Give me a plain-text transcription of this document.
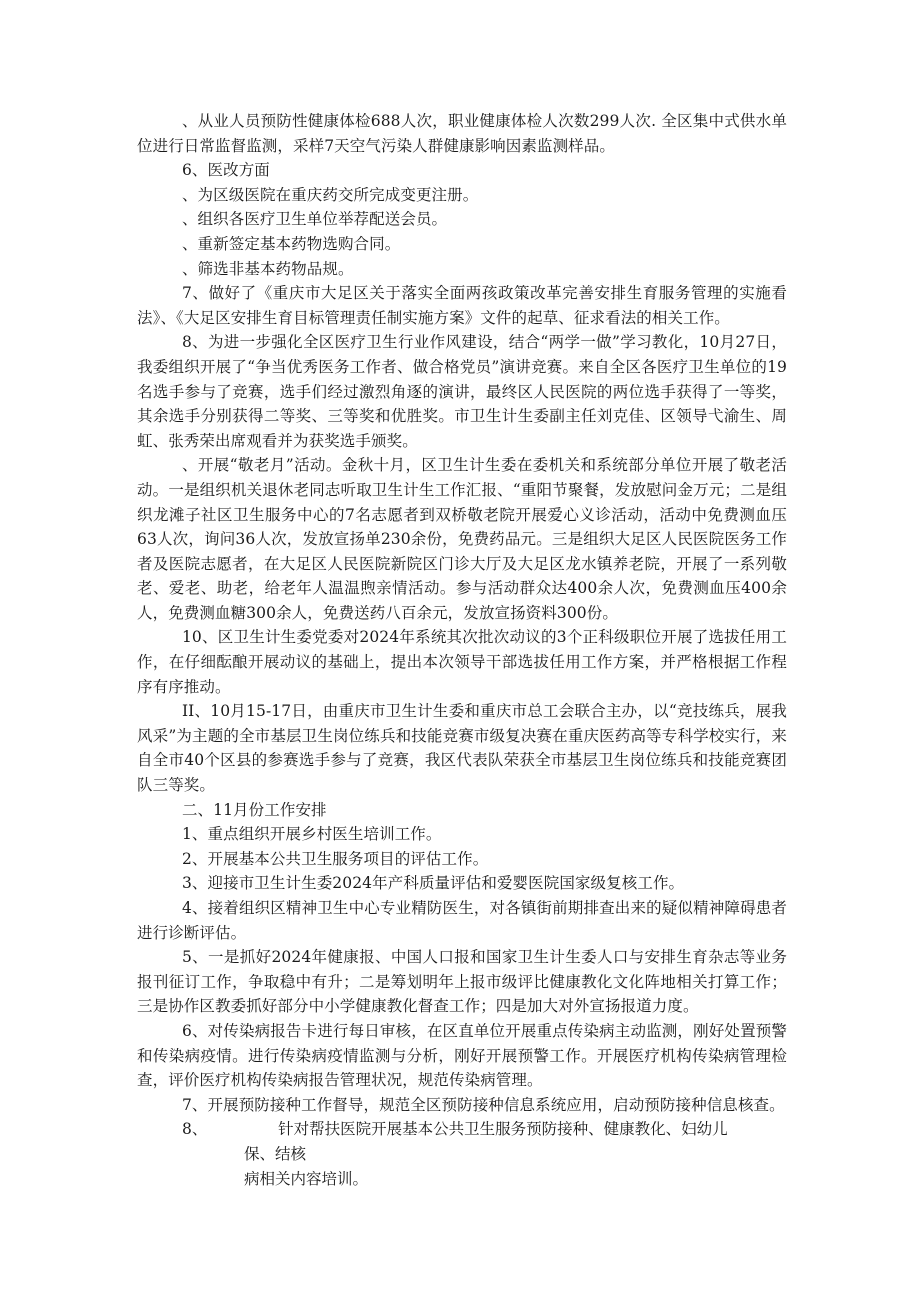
、从业人员预防性健康体检688人次，职业健康体检人次数299人次. 全区集中式供水单位进行日常监督监测，采样7天空气污染人群健康影响因素监测样品。

6、医改方面

、为区级医院在重庆药交所完成变更注册。

、组织各医疗卫生单位举荐配送会员。

、重新签定基本药物选购合同。

、筛选非基本药物品规。

7、做好了《重庆市大足区关于落实全面两孩政策改革完善安排生育服务管理的实施看法》、《大足区安排生育目标管理责任制实施方案》文件的起草、征求看法的相关工作。

8、为进一步强化全区医疗卫生行业作风建设，结合“两学一做”学习教化，10月27日，我委组织开展了“争当优秀医务工作者、做合格党员”演讲竞赛。来自全区各医疗卫生单位的19名选手参与了竞赛，选手们经过激烈角逐的演讲，最终区人民医院的两位选手获得了一等奖，其余选手分别获得二等奖、三等奖和优胜奖。市卫生计生委副主任刘克佳、区领导弋渝生、周虹、张秀荣出席观看并为获奖选手颁奖。

、开展“敬老月”活动。金秋十月，区卫生计生委在委机关和系统部分单位开展了敬老活动。一是组织机关退休老同志听取卫生计生工作汇报、“重阳节聚餐，发放慰问金万元；二是组织龙滩子社区卫生服务中心的7名志愿者到双桥敬老院开展爱心义诊活动，活动中免费测血压63人次，询问36人次，发放宣扬单230余份，免费药品元。三是组织大足区人民医院医务工作者及医院志愿者，在大足区人民医院新院区门诊大厅及大足区龙水镇养老院，开展了一系列敬老、爱老、助老，给老年人温温煦亲情活动。参与活动群众达400余人次，免费测血压400余人，免费测血糖300余人，免费送药八百余元，发放宣扬资料300份。

10、区卫生计生委党委对2024年系统其次批次动议的3个正科级职位开展了选拔任用工作，在仔细酝酿开展动议的基础上，提出本次领导干部选拔任用工作方案，并严格根据工作程序有序推动。

II、10月15-17日，由重庆市卫生计生委和重庆市总工会联合主办，以“竞技练兵，展我风采”为主题的全市基层卫生岗位练兵和技能竞赛市级复决赛在重庆医药高等专科学校实行，来自全市40个区县的参赛选手参与了竞赛，我区代表队荣获全市基层卫生岗位练兵和技能竞赛团队三等奖。

二、11月份工作安排

1、重点组织开展乡村医生培训工作。

2、开展基本公共卫生服务项目的评估工作。

3、迎接市卫生计生委2024年产科质量评估和爱婴医院国家级复核工作。

4、接着组织区精神卫生中心专业精防医生，对各镇街前期排查出来的疑似精神障碍患者进行诊断评估。

5、一是抓好2024年健康报、中国人口报和国家卫生计生委人口与安排生育杂志等业务报刊征订工作，争取稳中有升；二是筹划明年上报市级评比健康教化文化阵地相关打算工作；三是协作区教委抓好部分中小学健康教化督查工作；四是加大对外宣扬报道力度。

6、对传染病报告卡进行每日审核，在区直单位开展重点传染病主动监测，刚好处置预警和传染病疫情。进行传染病疫情监测与分析，刚好开展预警工作。开展医疗机构传染病管理检查，评价医疗机构传染病报告管理状况，规范传染病管理。

7、开展预防接种工作督导，规范全区预防接种信息系统应用，启动预防接种信息核查。

8、	针对帮扶医院开展基本公共卫生服务预防接种、健康教化、妇幼儿保、结核
病相关内容培训。
